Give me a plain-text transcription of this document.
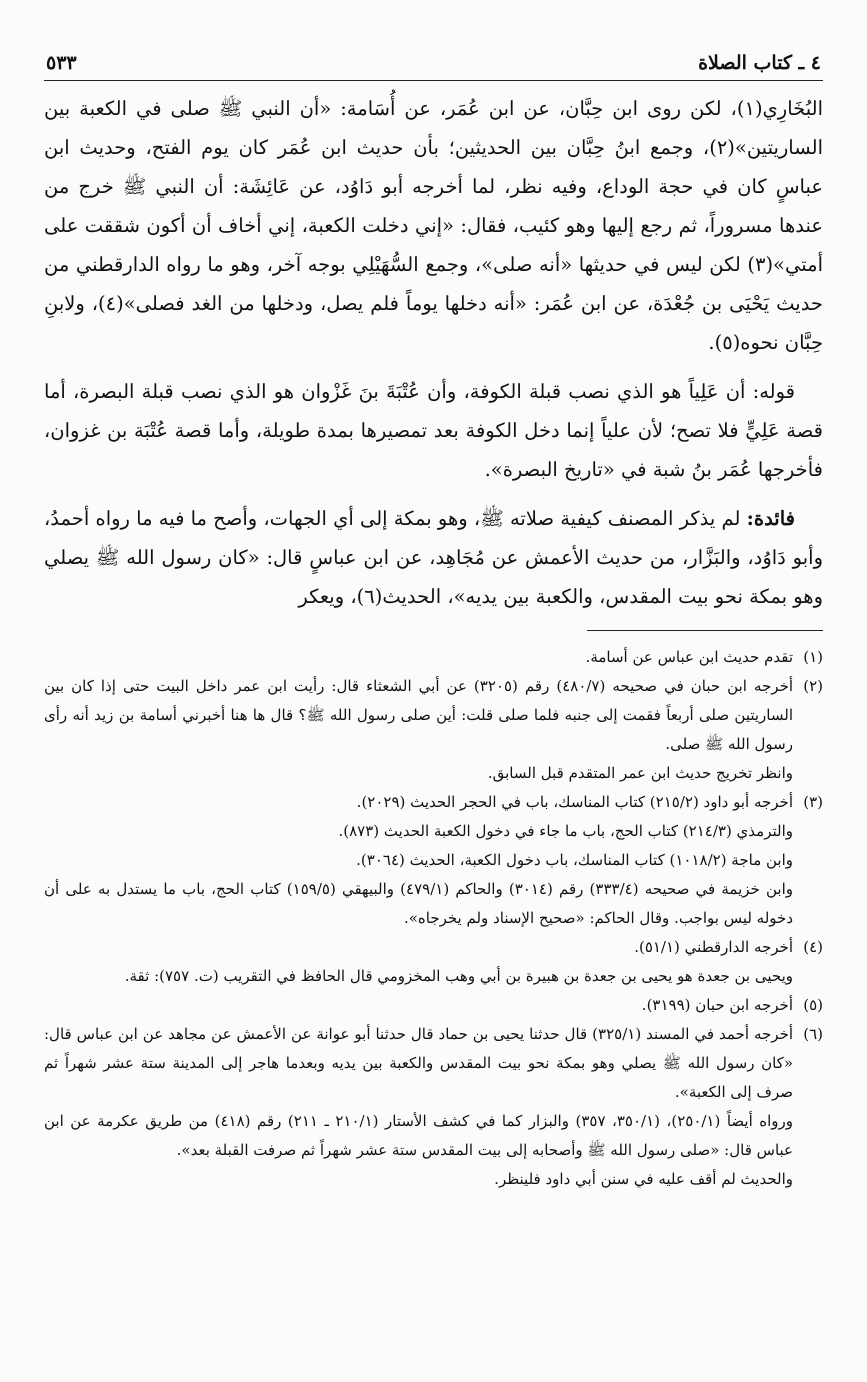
٤ ـ كتاب الصلاة
٥٣٣

البُخَارِي(١)، لكن روى ابن حِبَّان، عن ابن عُمَر، عن أُسَامة: «أن النبي ﷺ صلى في الكعبة بين الساريتين»(٢)، وجمع ابنُ حِبَّان بين الحديثين؛ بأن حديث ابن عُمَر كان يوم الفتح، وحديث ابن عباسٍ كان في حجة الوداع، وفيه نظر، لما أخرجه أبو دَاوُد، عن عَائِشَة: أن النبي ﷺ خرج من عندها مسروراً، ثم رجع إليها وهو كئيب، فقال: «إني دخلت الكعبة، إني أخاف أن أكون شققت على أمتي»(٣) لكن ليس في حديثها «أنه صلى»، وجمع السُّهَيْلِي بوجه آخر، وهو ما رواه الدارقطني من حديث يَحْيَى بن جُعْدَة، عن ابن عُمَر: «أنه دخلها يوماً فلم يصل، ودخلها من الغد فصلى»(٤)، ولابنِ حِبَّان نحوه(٥).

قوله: أن عَلِياً هو الذي نصب قبلة الكوفة، وأن عُتْبَةَ بنَ غَزْوان هو الذي نصب قبلة البصرة، أما قصة عَلِيٍّ فلا تصح؛ لأن علياً إنما دخل الكوفة بعد تمصيرها بمدة طويلة، وأما قصة عُتْبَة بن غزوان، فأخرجها عُمَر بنُ شبة في «تاريخ البصرة».

فائدة: لم يذكر المصنف كيفية صلاته ﷺ، وهو بمكة إلى أي الجهات، وأصح ما فيه ما رواه أحمدُ، وأبو دَاوُد، والبَزَّار، من حديث الأعمش عن مُجَاهِد، عن ابن عباسٍ قال: «كان رسول الله ﷺ يصلي وهو بمكة نحو بيت المقدس، والكعبة بين يديه»، الحديث(٦)، ويعكر

(١)
تقدم حديث ابن عباس عن أسامة.
(٢)
أخرجه ابن حبان في صحيحه (٤٨٠/٧) رقم (٣٢٠٥) عن أبي الشعثاء قال: رأيت ابن عمر داخل البيت حتى إذا كان بين الساريتين صلى أربعاً فقمت إلى جنبه فلما صلى قلت: أين صلى رسول الله ﷺ؟ قال ها هنا أخبرني أسامة بن زيد أنه رأى رسول الله ﷺ صلى.
وانظر تخريج حديث ابن عمر المتقدم قبل السابق.
(٣)
أخرجه أبو داود (٢١٥/٢) كتاب المناسك، باب في الحجر الحديث (٢٠٢٩).
والترمذي (٢١٤/٣) كتاب الحج، باب ما جاء في دخول الكعبة الحديث (٨٧٣).
وابن ماجة (١٠١٨/٢) كتاب المناسك، باب دخول الكعبة، الحديث (٣٠٦٤).
وابن خزيمة في صحيحه (٣٣٣/٤) رقم (٣٠١٤) والحاكم (٤٧٩/١) والبيهقي (١٥٩/٥) كتاب الحج، باب ما يستدل به على أن دخوله ليس بواجب. وقال الحاكم: «صحيح الإسناد ولم يخرجاه».
(٤)
أخرجه الدارقطني (٥١/١).
ويحيى بن جعدة هو يحيى بن جعدة بن هبيرة بن أبي وهب المخزومي قال الحافظ في التقريب (ت. ٧٥٧): ثقة.
(٥)
أخرجه ابن حبان (٣١٩٩).
(٦)
أخرجه أحمد في المسند (٣٢٥/١) قال حدثنا يحيى بن حماد قال حدثنا أبو عوانة عن الأعمش عن مجاهد عن ابن عباس قال: «كان رسول الله ﷺ يصلي وهو بمكة نحو بيت المقدس والكعبة بين يديه وبعدما هاجر إلى المدينة ستة عشر شهراً ثم صرف إلى الكعبة».
ورواه أيضاً (٢٥٠/١)، (٣٥٠/١، ٣٥٧) والبزار كما في كشف الأستار (٢١٠/١ ـ ٢١١) رقم (٤١٨) من طريق عكرمة عن ابن عباس قال: «صلى رسول الله ﷺ وأصحابه إلى بيت المقدس ستة عشر شهراً ثم صرفت القبلة بعد».
والحديث لم أقف عليه في سنن أبي داود فلينظر.
